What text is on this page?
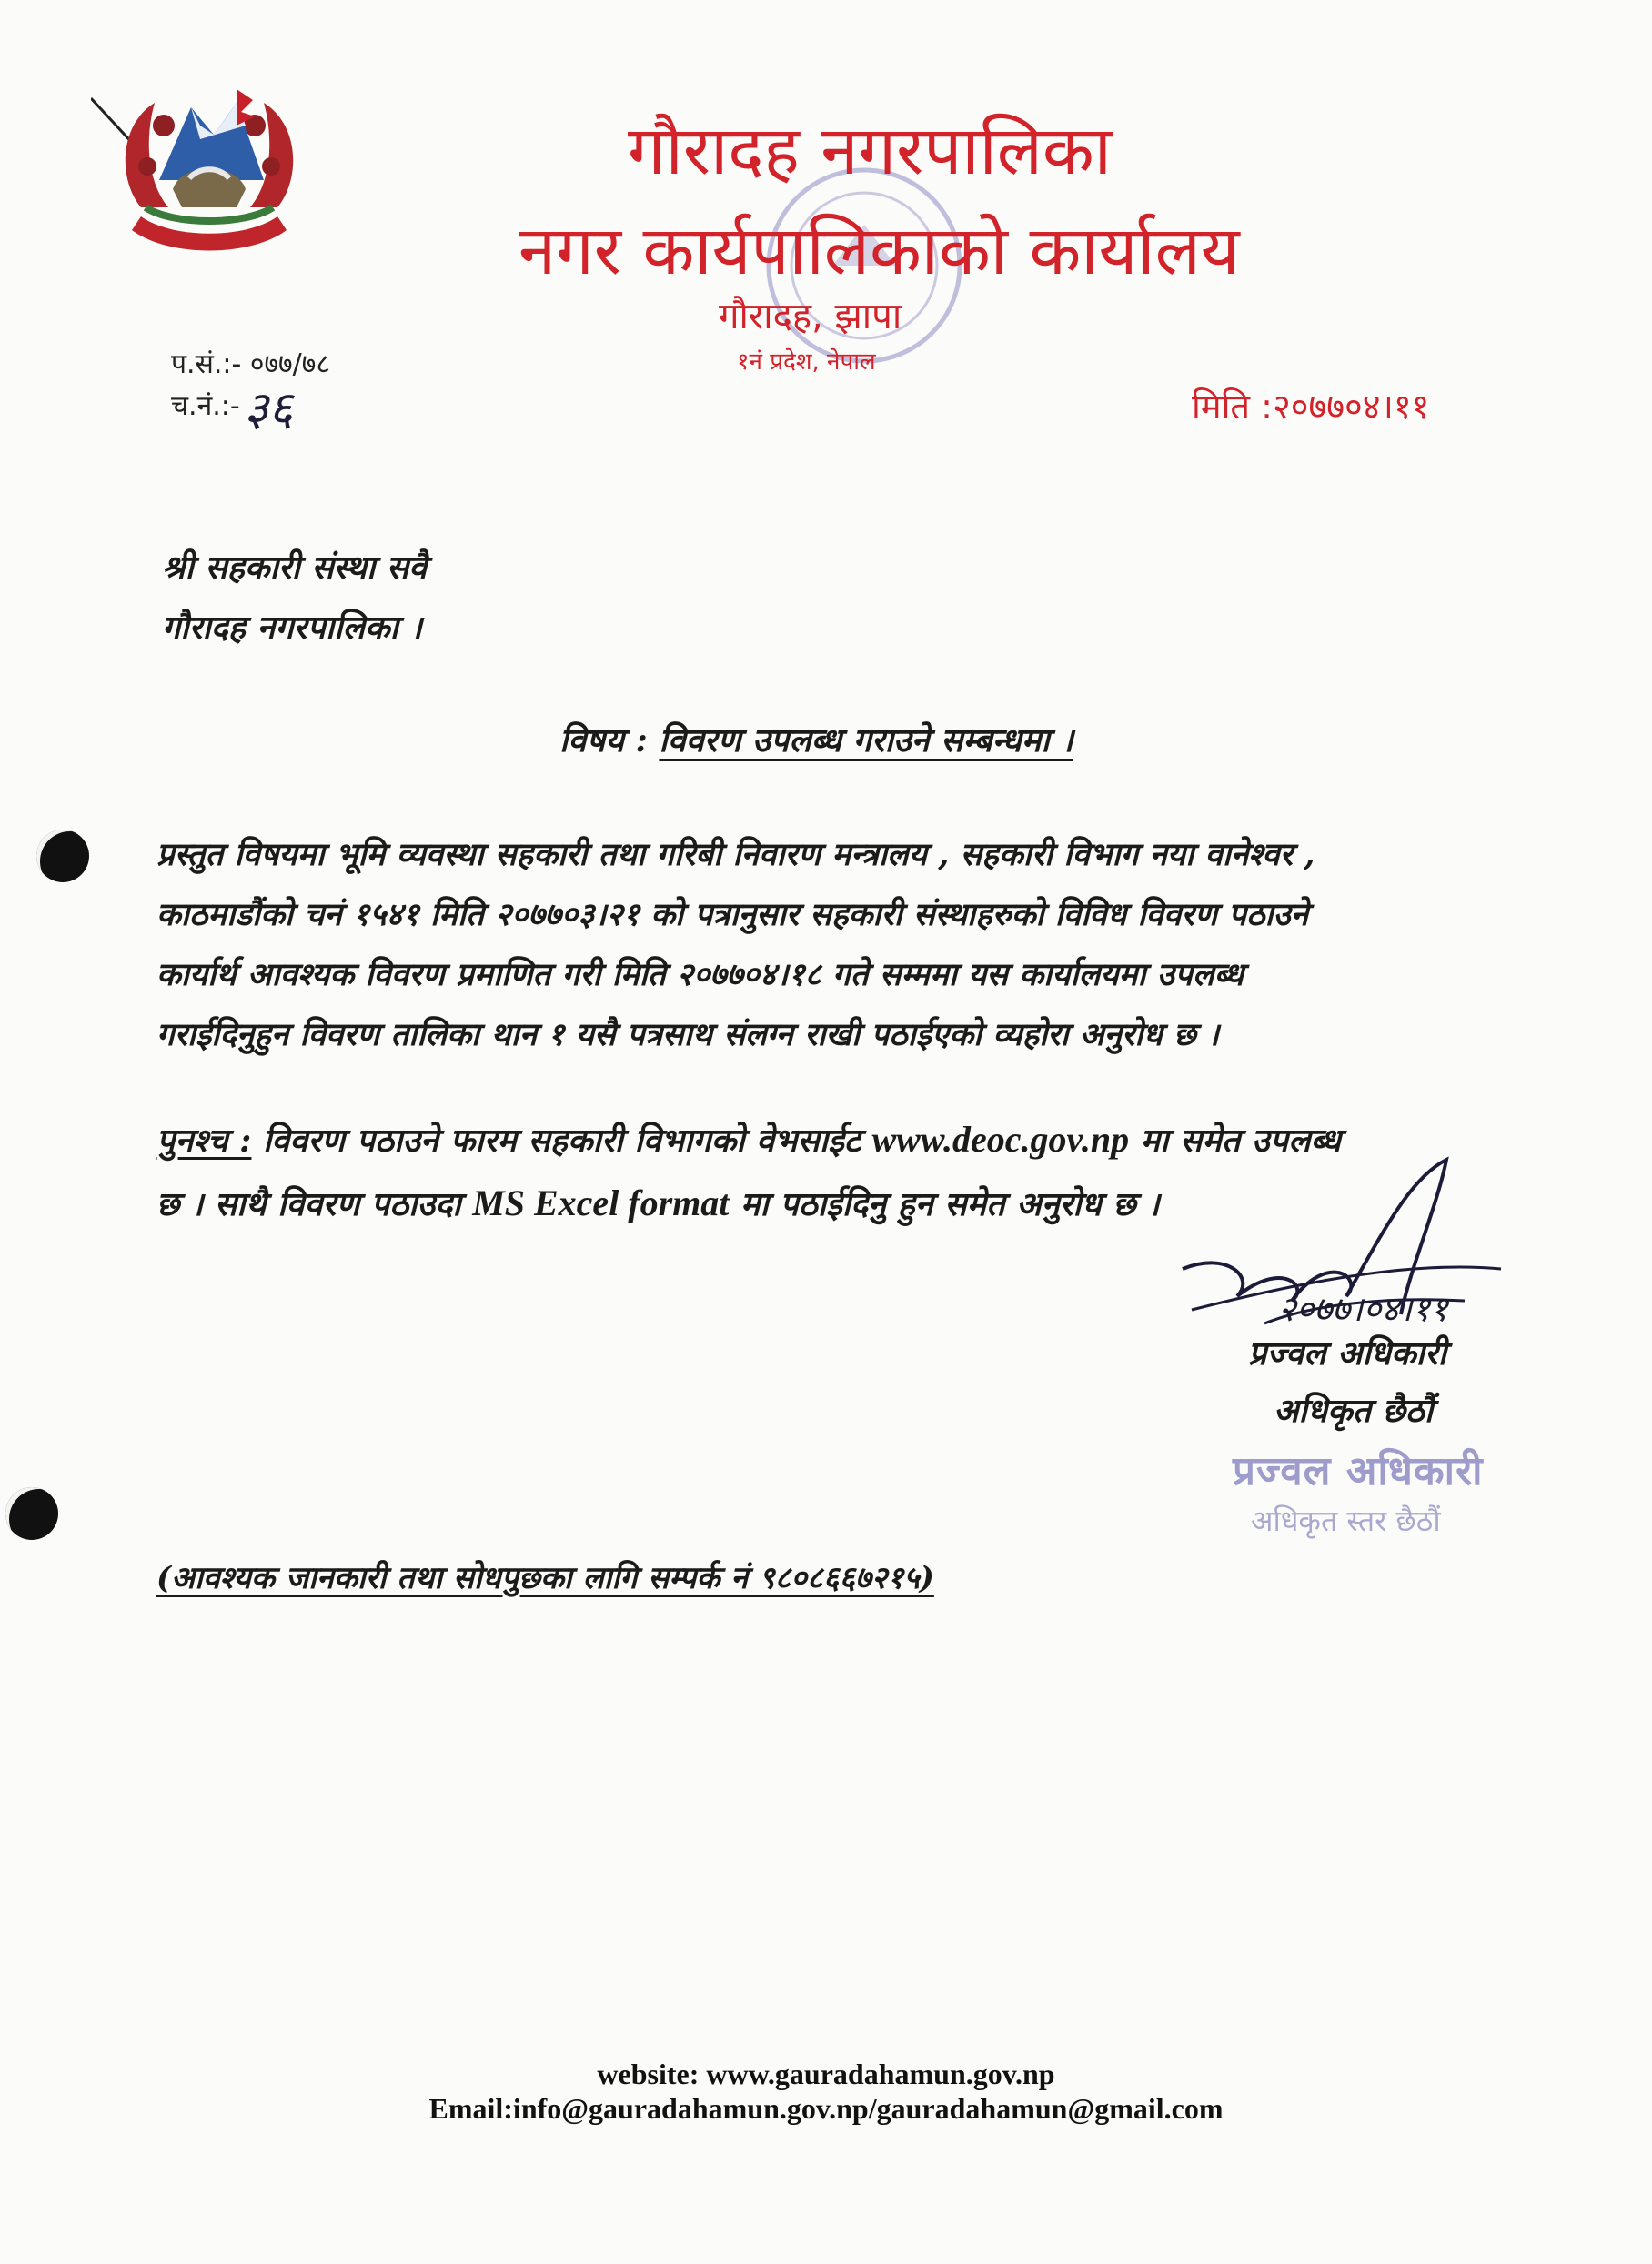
गौरादह नगरपालिका
नगर कार्यपालिकाको कार्यालय
गौरादह, झापा
१नं प्रदेश, नेपाल
प.सं.:- ०७७/७८
च.नं.:- ३६	मिति :२०७७०४।११
श्री सहकारी संस्था सवै
गौरादह नगरपालिका ।
विषय : विवरण उपलब्ध गराउने सम्बन्धमा ।
प्रस्तुत विषयमा भूमि व्यवस्था सहकारी तथा गरिबी निवारण मन्त्रालय , सहकारी विभाग नया वानेश्वर ,
काठमाडौंको चनं १५४१ मिति २०७७०३।२१ को पत्रानुसार सहकारी संस्थाहरुको विविध विवरण पठाउने
कार्यार्थ आवश्यक विवरण प्रमाणित गरी मिति २०७७०४।१८ गते सम्ममा यस कार्यालयमा उपलब्ध
गराईदिनुहुन विवरण तालिका थान १ यसै पत्रसाथ संलग्न राखी पठाईएको व्यहोरा अनुरोध छ ।
पुनश्च : विवरण पठाउने फारम सहकारी विभागको वेभसाईट www.deoc.gov.np मा समेत उपलब्ध
छ । साथै विवरण पठाउदा MS Excel format मा पठाईदिनु हुन समेत अनुरोध छ ।
२०७७।०४।११
प्रज्वल अधिकारी
अधिकृत छैठौं
प्रज्वल अधिकारी
अधिकृत स्तर छैठौं
(आवश्यक जानकारी तथा सोधपुछका लागि सम्पर्क नं ९८०८६६७२१५)
website: www.gauradahamun.gov.np
Email:info@gauradahamun.gov.np/gauradahamun@gmail.com
